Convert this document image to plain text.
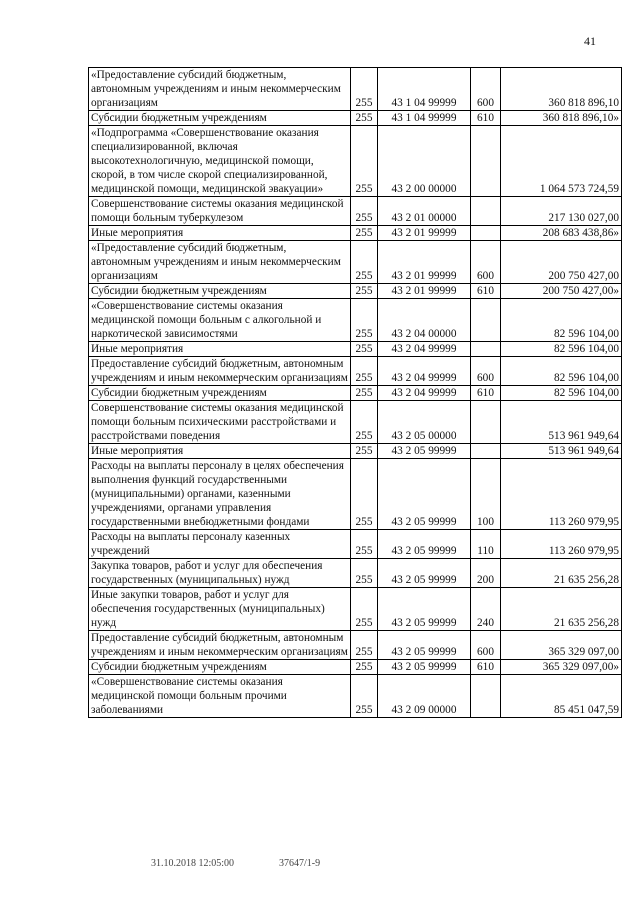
41
«Предоставление субсидий бюджетным, автономным учреждениям и иным некоммерческим организациям	255	43 1 04 99999	600	360 818 896,10
Субсидии бюджетным учреждениям	255	43 1 04 99999	610	360 818 896,10»
«Подпрограмма «Совершенствование оказания специализированной, включая высокотехнологичную, медицинской помощи, скорой, в том числе скорой специализированной, медицинской помощи, медицинской эвакуации»	255	43 2 00 00000		1 064 573 724,59
Совершенствование системы оказания медицинской помощи больным туберкулезом	255	43 2 01 00000		217 130 027,00
Иные мероприятия	255	43 2 01 99999		208 683 438,86»
«Предоставление субсидий бюджетным, автономным учреждениям и иным некоммерческим организациям	255	43 2 01 99999	600	200 750 427,00
Субсидии бюджетным учреждениям	255	43 2 01 99999	610	200 750 427,00»
«Совершенствование системы оказания медицинской помощи больным с алкогольной и наркотической зависимостями	255	43 2 04 00000		82 596 104,00
Иные мероприятия	255	43 2 04 99999		82 596 104,00
Предоставление субсидий бюджетным, автономным учреждениям и иным некоммерческим организациям	255	43 2 04 99999	600	82 596 104,00
Субсидии бюджетным учреждениям	255	43 2 04 99999	610	82 596 104,00
Совершенствование системы оказания медицинской помощи больным психическими расстройствами и расстройствами поведения	255	43 2 05 00000		513 961 949,64
Иные мероприятия	255	43 2 05 99999		513 961 949,64
Расходы на выплаты персоналу в целях обеспечения выполнения функций государственными (муниципальными) органами, казенными учреждениями, органами управления государственными внебюджетными фондами	255	43 2 05 99999	100	113 260 979,95
Расходы на выплаты персоналу казенных учреждений	255	43 2 05 99999	110	113 260 979,95
Закупка товаров, работ и услуг для обеспечения государственных (муниципальных) нужд	255	43 2 05 99999	200	21 635 256,28
Иные закупки товаров, работ и услуг для обеспечения государственных (муниципальных) нужд	255	43 2 05 99999	240	21 635 256,28
Предоставление субсидий бюджетным, автономным учреждениям и иным некоммерческим организациям	255	43 2 05 99999	600	365 329 097,00
Субсидии бюджетным учреждениям	255	43 2 05 99999	610	365 329 097,00»
«Совершенствование системы оказания медицинской помощи больным прочими заболеваниями	255	43 2 09 00000		85 451 047,59
31.10.2018 12:05:00	37647/1-9
